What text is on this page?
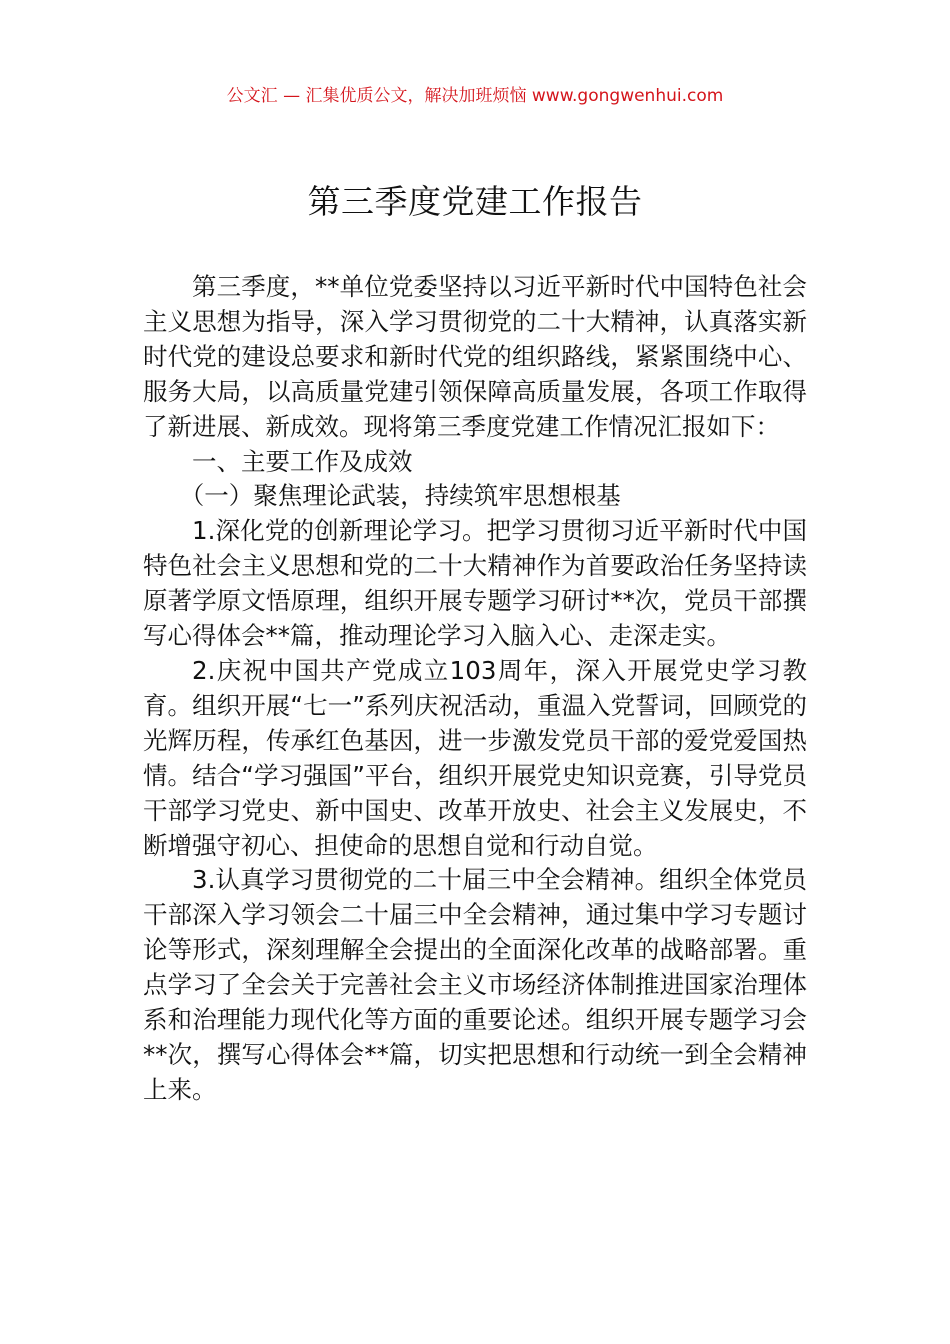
公文汇 — 汇集优质公文，解决加班烦恼 www.gongwenhui.com
第三季度党建工作报告

第三季度，**单位党委坚持以习近平新时代中国特色社会主义思想为指导，深入学习贯彻党的二十大精神，认真落实新时代党的建设总要求和新时代党的组织路线，紧紧围绕中心、服务大局，以高质量党建引领保障高质量发展，各项工作取得了新进展、新成效。现将第三季度党建工作情况汇报如下：

一、主要工作及成效

（一）聚焦理论武装，持续筑牢思想根基

1.深化党的创新理论学习。把学习贯彻习近平新时代中国特色社会主义思想和党的二十大精神作为首要政治任务坚持读原著学原文悟原理，组织开展专题学习研讨**次，党员干部撰写心得体会**篇，推动理论学习入脑入心、走深走实。

2.庆祝中国共产党成立103周年，深入开展党史学习教育。组织开展“七一”系列庆祝活动，重温入党誓词，回顾党的光辉历程，传承红色基因，进一步激发党员干部的爱党爱国热情。结合“学习强国”平台，组织开展党史知识竞赛，引导党员干部学习党史、新中国史、改革开放史、社会主义发展史，不断增强守初心、担使命的思想自觉和行动自觉。

3.认真学习贯彻党的二十届三中全会精神。组织全体党员干部深入学习领会二十届三中全会精神，通过集中学习专题讨论等形式，深刻理解全会提出的全面深化改革的战略部署。重点学习了全会关于完善社会主义市场经济体制推进国家治理体系和治理能力现代化等方面的重要论述。组织开展专题学习会**次，撰写心得体会**篇，切实把思想和行动统一到全会精神上来。
